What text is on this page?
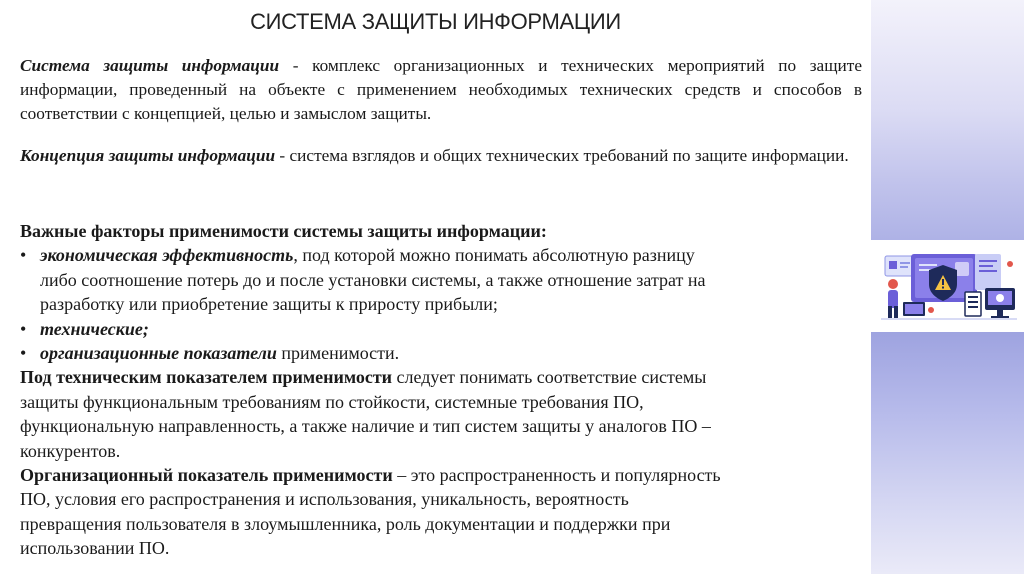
СИСТЕМА ЗАЩИТЫ ИНФОРМАЦИИ

Система защиты информации - комплекс организационных и технических мероприятий по защите информации, проведенный на объекте с применением необходимых технических средств и способов в соответствии с концепцией, целью и замыслом защиты.

Концепция защиты информации - система взглядов и общих технических требований по защите информации.

Важные факторы применимости системы защиты информации:

• экономическая эффективность, под которой можно понимать абсолютную разницу

либо соотношение потерь до и после установки системы, а также отношение затрат на

разработку или приобретение защиты к приросту прибыли;

• технические;

• организационные показатели применимости.

Под техническим показателем применимости следует понимать соответствие системы

защиты функциональным требованиям по стойкости, системные требования ПО,

функциональную направленность, а также наличие и тип систем защиты у аналогов ПО –

конкурентов.

Организационный показатель применимости – это распространенность и популярность

ПО, условия его распространения и использования, уникальность, вероятность

превращения пользователя в злоумышленника, роль документации и поддержки при

использовании ПО.
